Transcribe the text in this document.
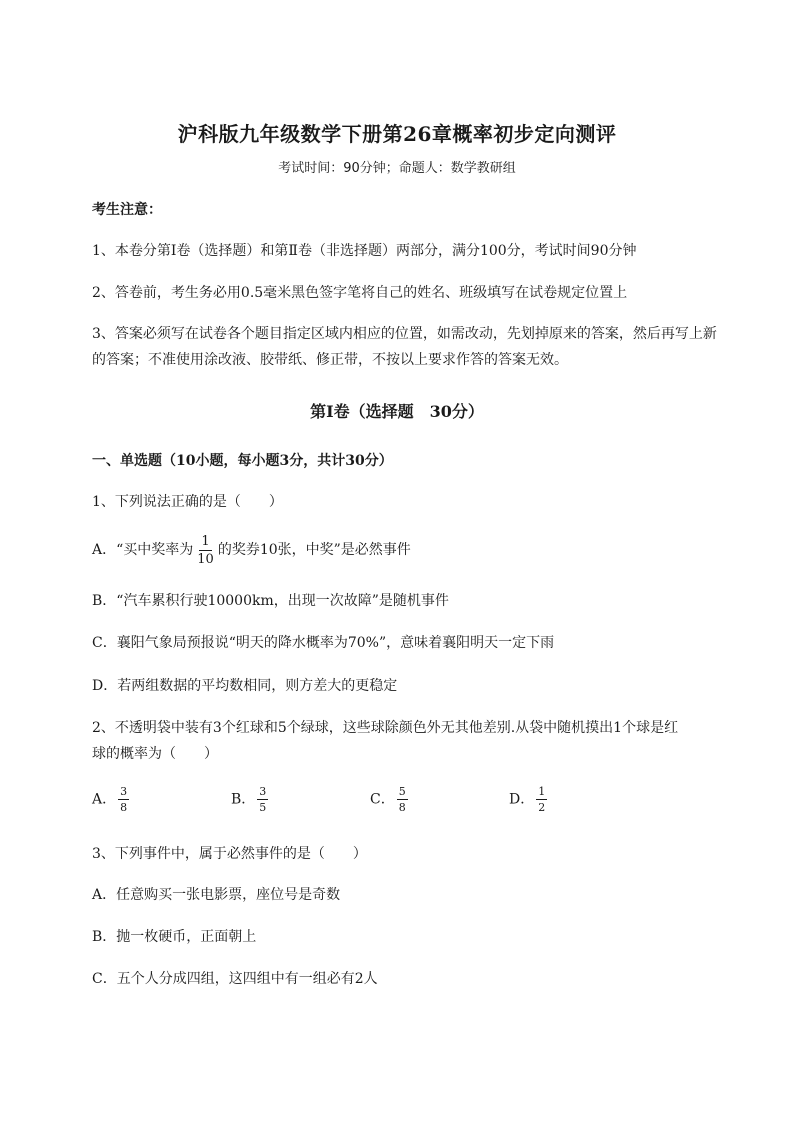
沪科版九年级数学下册第26章概率初步定向测评
考试时间：90分钟；命题人：数学教研组
考生注意：
1、本卷分第I卷（选择题）和第Ⅱ卷（非选择题）两部分，满分100分，考试时间90分钟
2、答卷前，考生务必用0.5毫米黑色签字笔将自己的姓名、班级填写在试卷规定位置上
3、答案必须写在试卷各个题目指定区域内相应的位置，如需改动，先划掉原来的答案，然后再写上新
的答案；不准使用涂改液、胶带纸、修正带，不按以上要求作答的答案无效。
第I卷（选择题　30分）
一、单选题（10小题，每小题3分，共计30分）
1、下列说法正确的是（　　）
A．“买中奖率为 $\frac{1}{10}$ 的奖券10张，中奖”是必然事件
B．“汽车累积行驶10000km，出现一次故障”是随机事件
C．襄阳气象局预报说“明天的降水概率为70%”，意味着襄阳明天一定下雨
D．若两组数据的平均数相同，则方差大的更稳定
2、不透明袋中装有3个红球和5个绿球，这些球除颜色外无其他差别.从袋中随机摸出1个球是红
球的概率为（　　）
A． $\frac{3}{8}$	B． $\frac{3}{5}$	C． $\frac{5}{8}$	D． $\frac{1}{2}$
3、下列事件中，属于必然事件的是（　　）
A．任意购买一张电影票，座位号是奇数
B．抛一枚硬币，正面朝上
C．五个人分成四组，这四组中有一组必有2人
